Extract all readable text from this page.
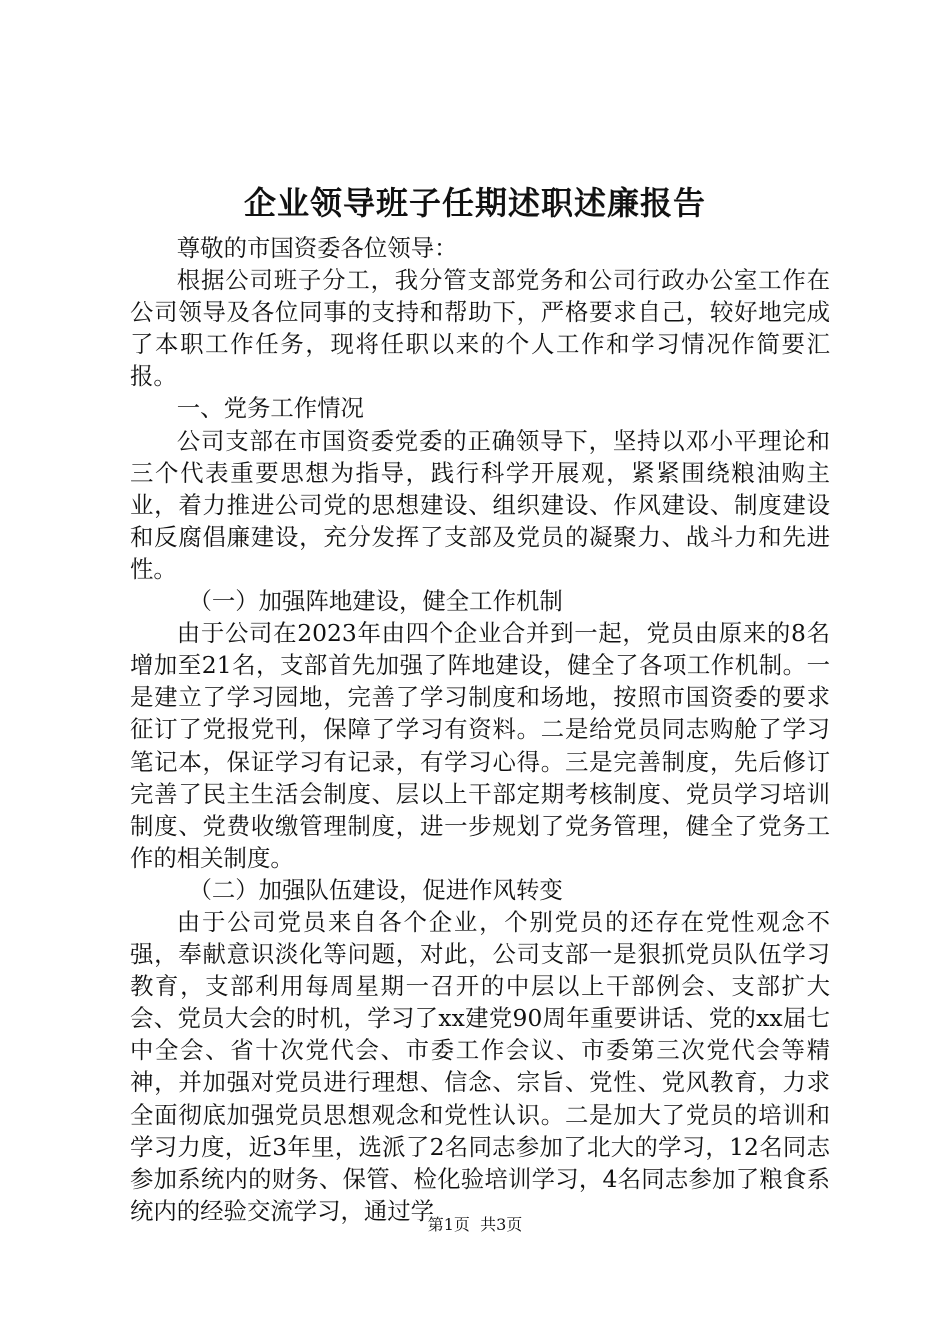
企业领导班子任期述职述廉报告

尊敬的市国资委各位领导：

根据公司班子分工，我分管支部党务和公司行政办公室工作在公司领导及各位同事的支持和帮助下，严格要求自己，较好地完成了本职工作任务，现将任职以来的个人工作和学习情况作简要汇报。

一、党务工作情况

公司支部在市国资委党委的正确领导下，坚持以邓小平理论和三个代表重要思想为指导，践行科学开展观，紧紧围绕粮油购主业，着力推进公司党的思想建设、组织建设、作风建设、制度建设和反腐倡廉建设，充分发挥了支部及党员的凝聚力、战斗力和先进性。

（一）加强阵地建设，健全工作机制

由于公司在2023年由四个企业合并到一起，党员由原来的8名增加至21名，支部首先加强了阵地建设，健全了各项工作机制。一是建立了学习园地，完善了学习制度和场地，按照市国资委的要求征订了党报党刊，保障了学习有资料。二是给党员同志购舱了学习笔记本，保证学习有记录，有学习心得。三是完善制度，先后修订完善了民主生活会制度、层以上干部定期考核制度、党员学习培训制度、党费收缴管理制度，进一步规划了党务管理，健全了党务工作的相关制度。

（二）加强队伍建设，促进作风转变

由于公司党员来自各个企业，个别党员的还存在党性观念不强，奉献意识淡化等问题，对此，公司支部一是狠抓党员队伍学习教育，支部利用每周星期一召开的中层以上干部例会、支部扩大会、党员大会的时机，学习了xx建党90周年重要讲话、党的xx届七中全会、省十次党代会、市委工作会议、市委第三次党代会等精神，并加强对党员进行理想、信念、宗旨、党性、党风教育，力求全面彻底加强党员思想观念和党性认识。二是加大了党员的培训和学习力度，近3年里，选派了2名同志参加了北大的学习，12名同志参加系统内的财务、保管、检化验培训学习，4名同志参加了粮食系统内的经验交流学习，通过学

第1页 共3页
